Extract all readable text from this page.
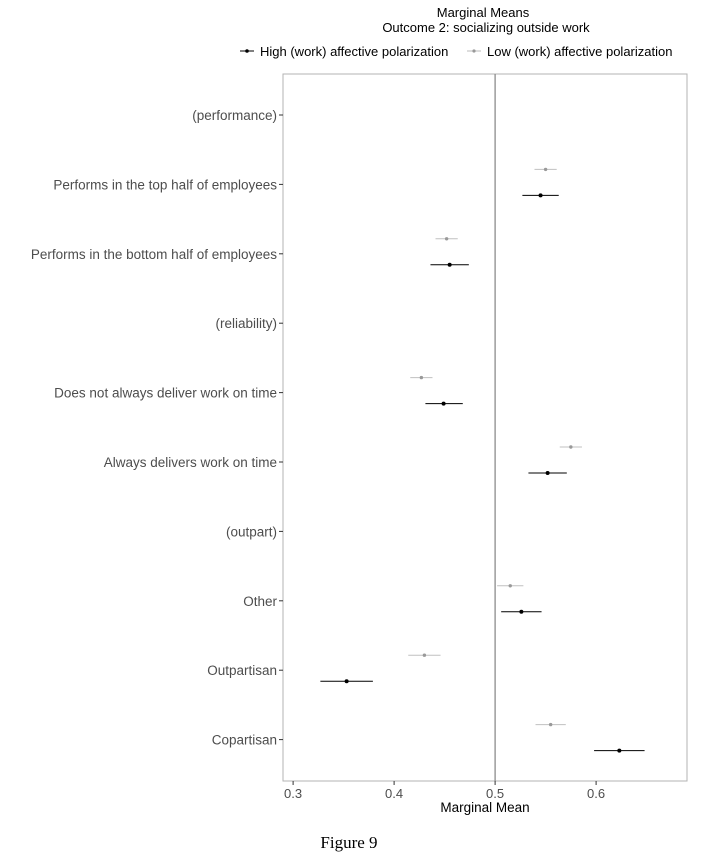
Marginal Means
Outcome 2: socializing outside work
High (work) affective polarization	Low (work) affective polarization
(performance)
Performs in the top half of employees
Performs in the bottom half of employees
(reliability)
Does not always deliver work on time
Always delivers work on time
(outpart)
Other
Outpartisan
Copartisan
0.3	0.4	0.5	0.6
Marginal Mean
Figure 9
